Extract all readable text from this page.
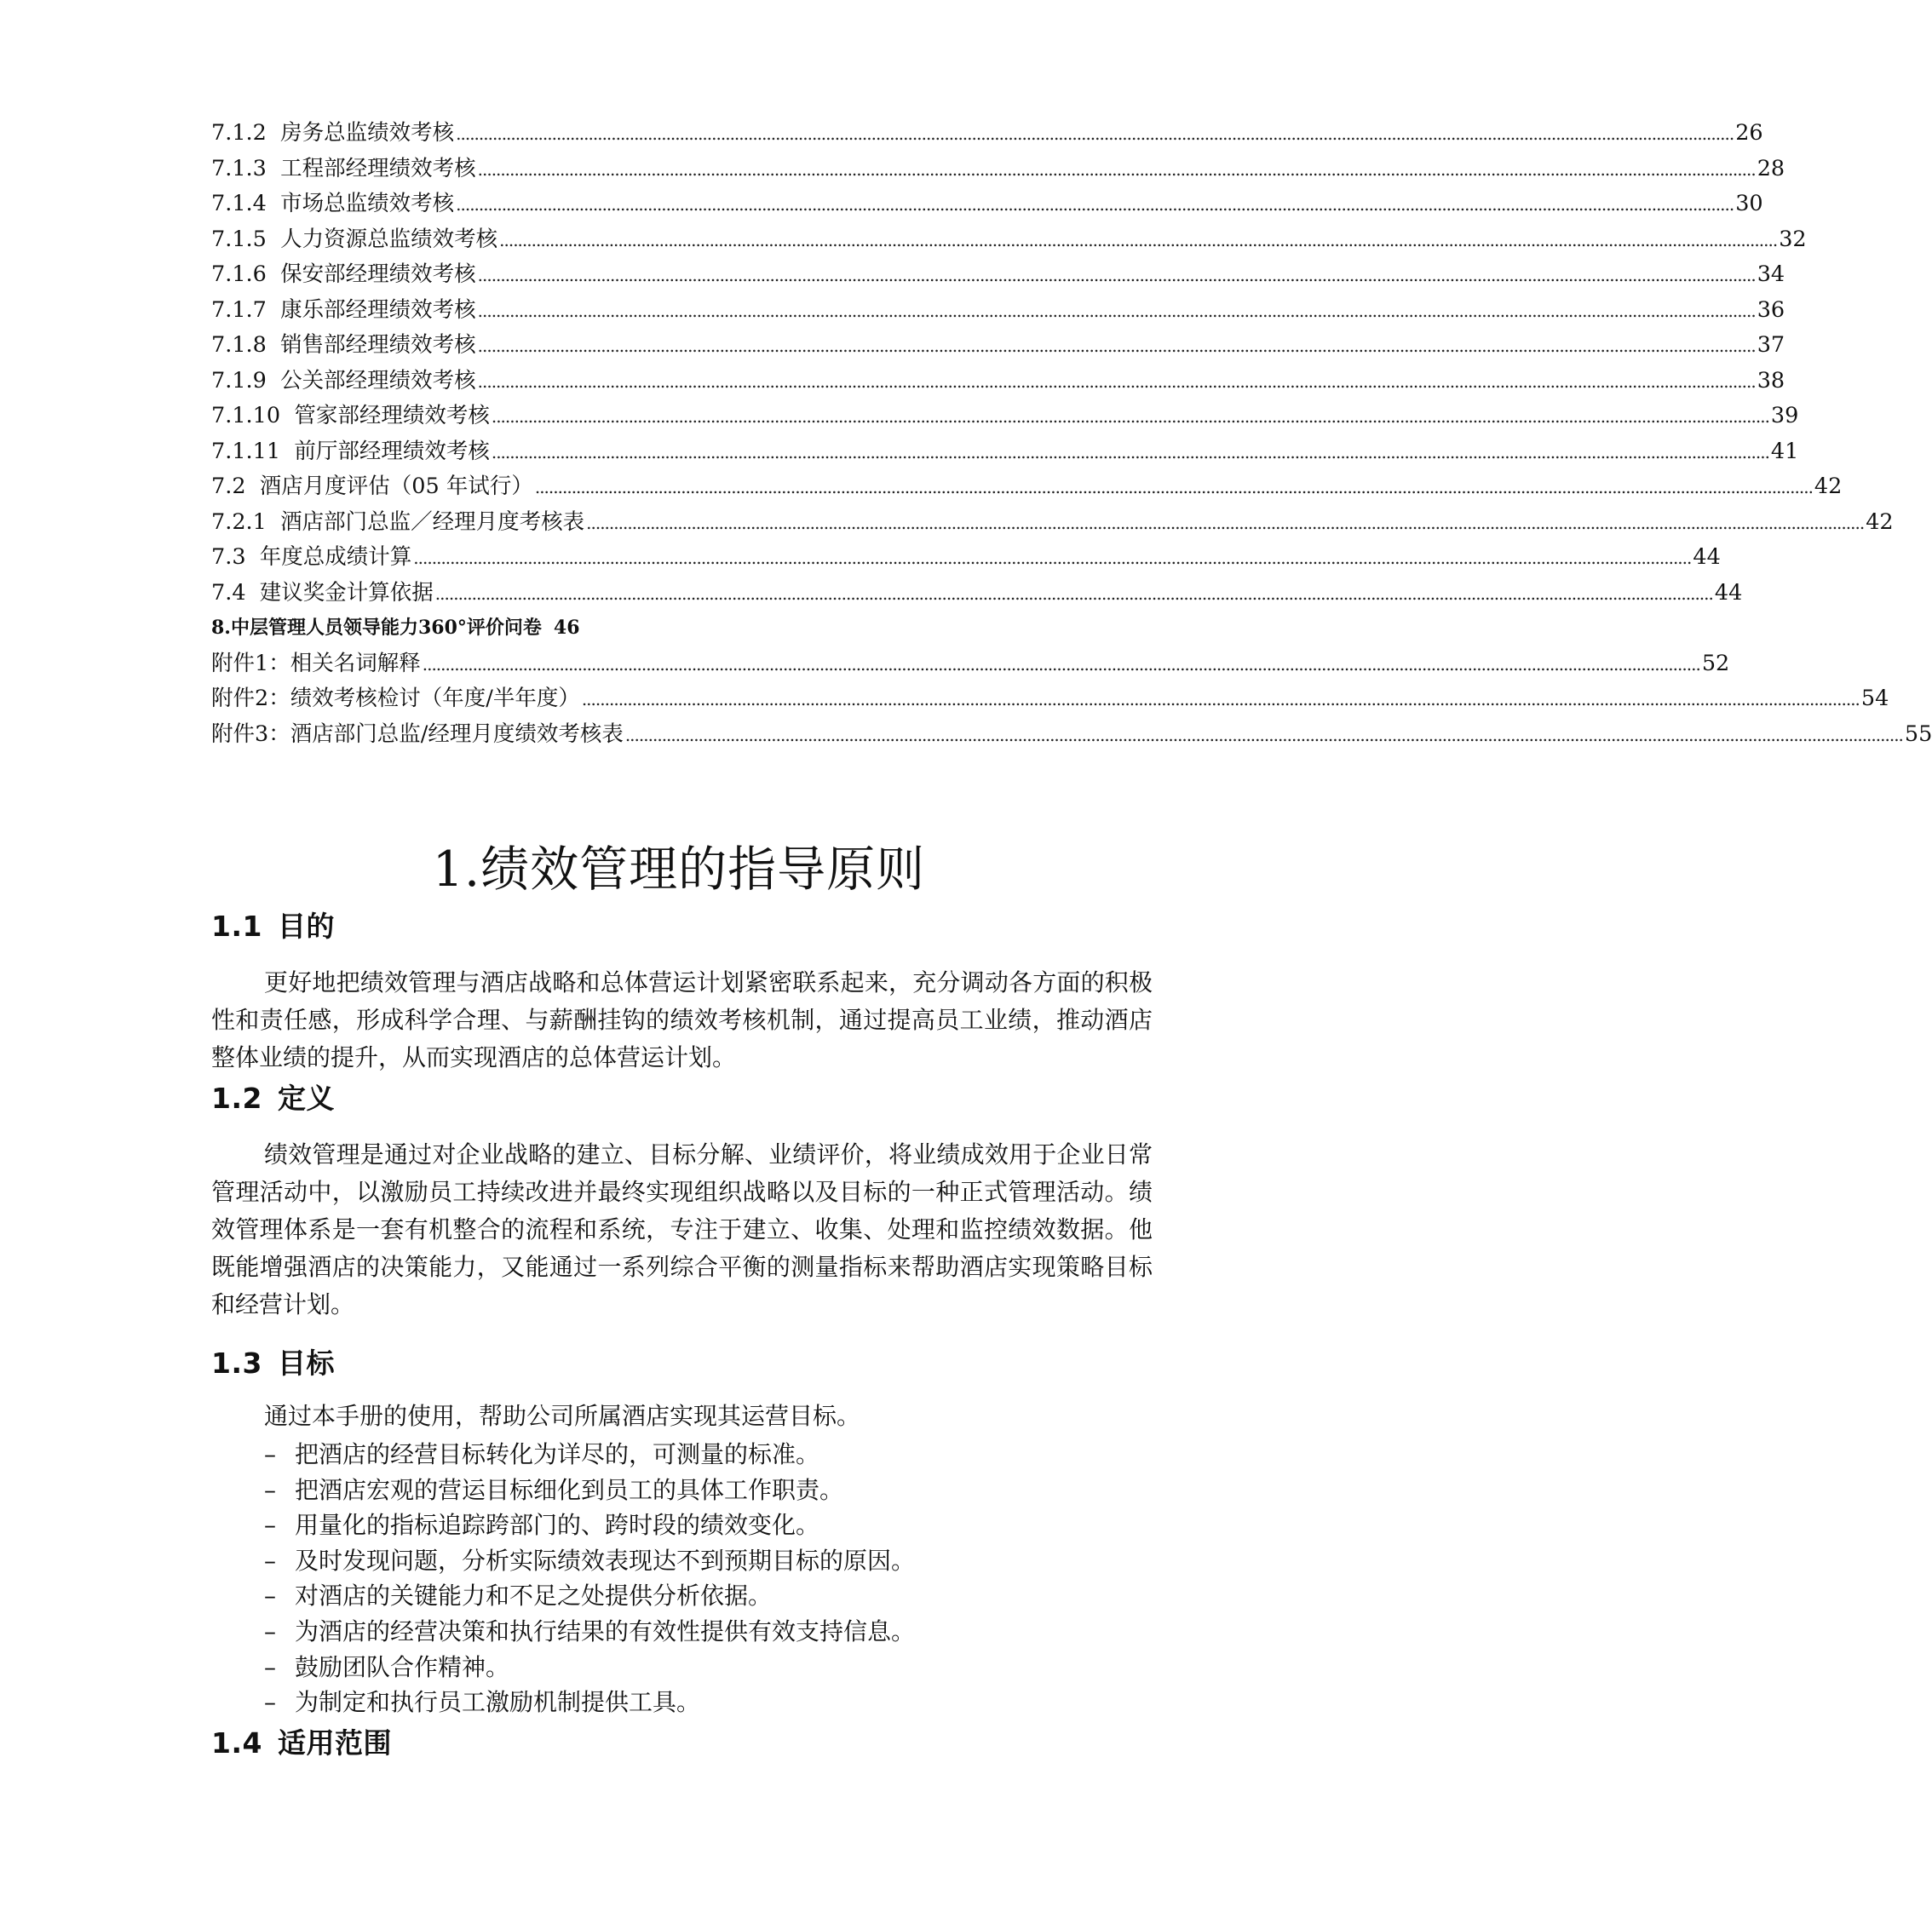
7.1.2 房务总监绩效考核 ........................................................................................................................................................................................................................................................................................ 26
7.1.3 工程部经理绩效考核 ........................................................................................................................................................................................................................................................................................ 28
7.1.4 市场总监绩效考核 ........................................................................................................................................................................................................................................................................................ 30
7.1.5 人力资源总监绩效考核 ........................................................................................................................................................................................................................................................................................ 32
7.1.6 保安部经理绩效考核 ........................................................................................................................................................................................................................................................................................ 34
7.1.7 康乐部经理绩效考核 ........................................................................................................................................................................................................................................................................................ 36
7.1.8 销售部经理绩效考核 ........................................................................................................................................................................................................................................................................................ 37
7.1.9 公关部经理绩效考核 ........................................................................................................................................................................................................................................................................................ 38
7.1.10 管家部经理绩效考核 ........................................................................................................................................................................................................................................................................................ 39
7.1.11 前厅部经理绩效考核 ........................................................................................................................................................................................................................................................................................ 41
7.2 酒店月度评估（05 年试行） ........................................................................................................................................................................................................................................................................................ 42
7.2.1 酒店部门总监／经理月度考核表 ........................................................................................................................................................................................................................................................................................ 42
7.3 年度总成绩计算 ........................................................................................................................................................................................................................................................................................ 44
7.4 建议奖金计算依据 ........................................................................................................................................................................................................................................................................................ 44
8.中层管理人员领导能力360°评价问卷 46
附件1：相关名词解释 ........................................................................................................................................................................................................................................................................................ 52
附件2：绩效考核检讨（年度/半年度） ........................................................................................................................................................................................................................................................................................ 54
附件3：酒店部门总监/经理月度绩效考核表 ........................................................................................................................................................................................................................................................................................ 55
1.绩效管理的指导原则
1.1 目的

更好地把绩效管理与酒店战略和总体营运计划紧密联系起来，充分调动各方面的积极性和责任感，形成科学合理、与薪酬挂钩的绩效考核机制，通过提高员工业绩，推动酒店整体业绩的提升，从而实现酒店的总体营运计划。

1.2 定义

绩效管理是通过对企业战略的建立、目标分解、业绩评价，将业绩成效用于企业日常管理活动中，以激励员工持续改进并最终实现组织战略以及目标的一种正式管理活动。绩效管理体系是一套有机整合的流程和系统，专注于建立、收集、处理和监控绩效数据。他既能增强酒店的决策能力，又能通过一系列综合平衡的测量指标来帮助酒店实现策略目标和经营计划。

1.3 目标

通过本手册的使用，帮助公司所属酒店实现其运营目标。

– 把酒店的经营目标转化为详尽的，可测量的标准。
– 把酒店宏观的营运目标细化到员工的具体工作职责。
– 用量化的指标追踪跨部门的、跨时段的绩效变化。
– 及时发现问题，分析实际绩效表现达不到预期目标的原因。
– 对酒店的关键能力和不足之处提供分析依据。
– 为酒店的经营决策和执行结果的有效性提供有效支持信息。
– 鼓励团队合作精神。
– 为制定和执行员工激励机制提供工具。
1.4 适用范围
